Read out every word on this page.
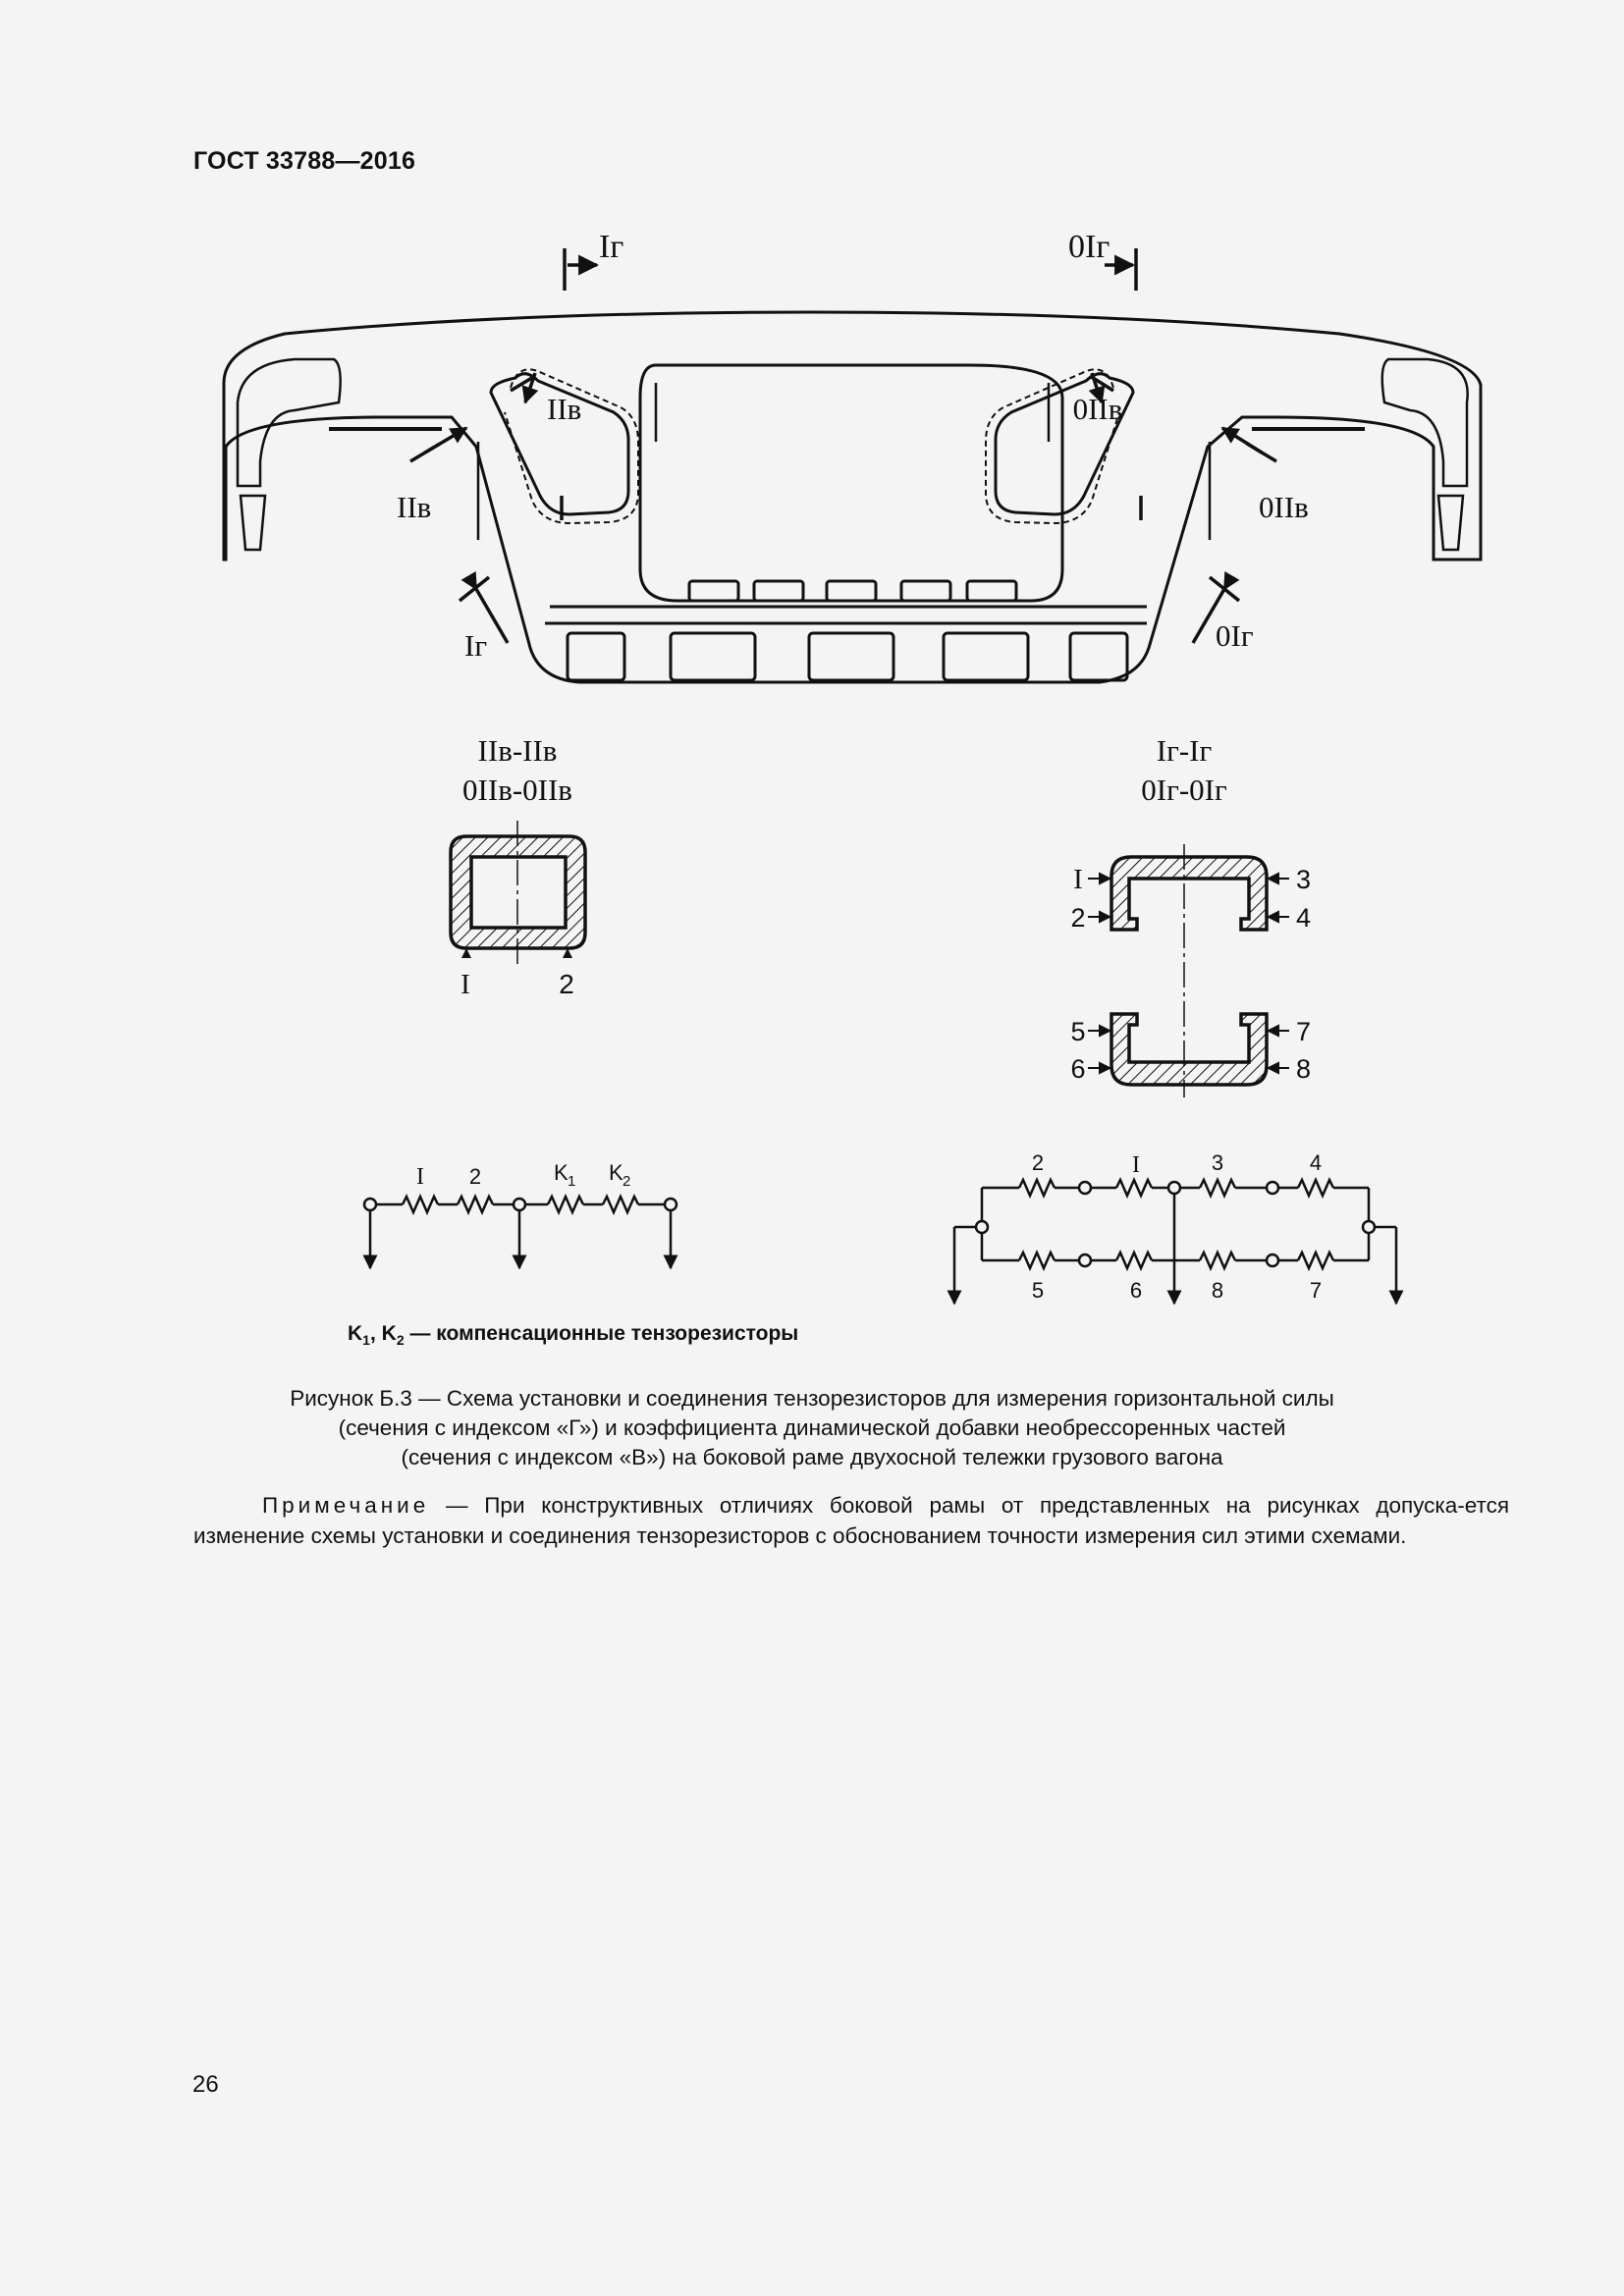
ГОСТ 33788—2016
Iг	0Iг
IIв	0IIв
IIв	0IIв
Iг	0Iг
IIв-IIв
0IIв-0IIв
I	2
Iг-Iг
0Iг-0Iг
I
2
5
6
3
4
7
8
I 2	K 1 K 2
2	I	3	4
5	6	8	7
$K_1$, $K_2$ — компенсационные тензорезисторы
Рисунок Б.3 — Схема установки и соединения тензорезисторов для измерения горизонтальной силы
(сечения с индексом «Г») и коэффициента динамической добавки необрессоренных частей
(сечения с индексом «В») на боковой раме двухосной тележки грузового вагона
Примечание — При конструктивных отличиях боковой рамы от представленных на рисунках допуска-ется изменение схемы установки и соединения тензорезисторов с обоснованием точности измерения сил этими схемами.
26
